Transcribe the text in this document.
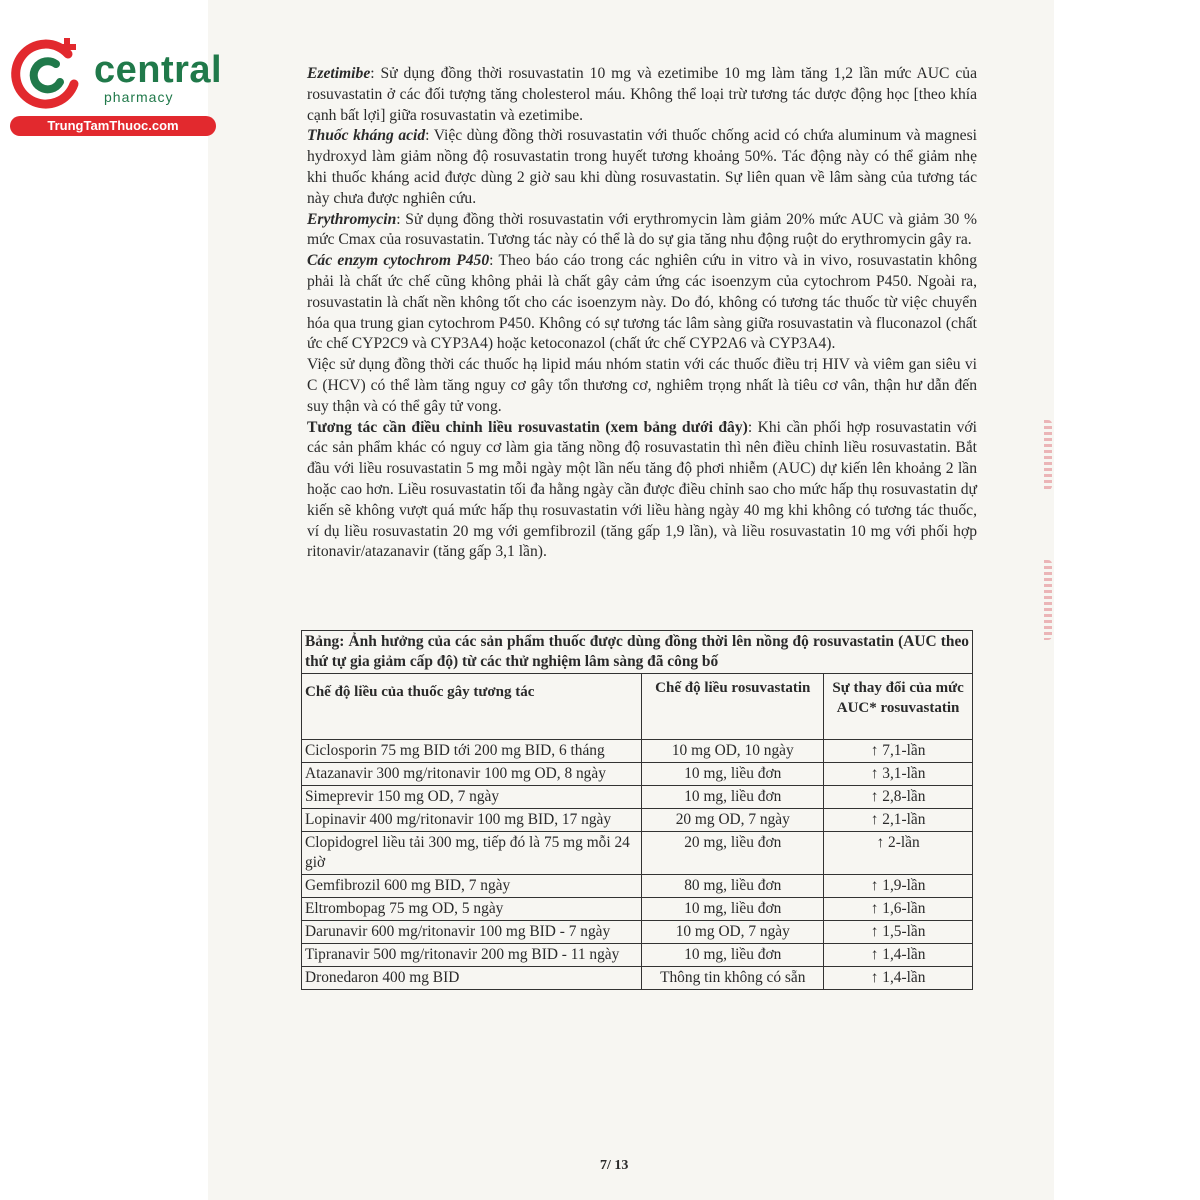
central
pharmacy
TrungTamThuoc.com

Ezetimibe: Sử dụng đồng thời rosuvastatin 10 mg và ezetimibe 10 mg làm tăng 1,2 lần mức AUC của rosuvastatin ở các đối tượng tăng cholesterol máu. Không thể loại trừ tương tác dược động học [theo khía cạnh bất lợi] giữa rosuvastatin và ezetimibe.

Thuốc kháng acid: Việc dùng đồng thời rosuvastatin với thuốc chống acid có chứa aluminum và magnesi hydroxyd làm giảm nồng độ rosuvastatin trong huyết tương khoảng 50%. Tác động này có thể giảm nhẹ khi thuốc kháng acid được dùng 2 giờ sau khi dùng rosuvastatin. Sự liên quan về lâm sàng của tương tác này chưa được nghiên cứu.

Erythromycin: Sử dụng đồng thời rosuvastatin với erythromycin làm giảm 20% mức AUC và giảm 30 % mức Cmax của rosuvastatin. Tương tác này có thể là do sự gia tăng nhu động ruột do erythromycin gây ra.

Các enzym cytochrom P450: Theo báo cáo trong các nghiên cứu in vitro và in vivo, rosuvastatin không phải là chất ức chế cũng không phải là chất gây cảm ứng các isoenzym của cytochrom P450. Ngoài ra, rosuvastatin là chất nền không tốt cho các isoenzym này. Do đó, không có tương tác thuốc từ việc chuyển hóa qua trung gian cytochrom P450. Không có sự tương tác lâm sàng giữa rosuvastatin và fluconazol (chất ức chế CYP2C9 và CYP3A4) hoặc ketoconazol (chất ức chế CYP2A6 và CYP3A4).

Việc sử dụng đồng thời các thuốc hạ lipid máu nhóm statin với các thuốc điều trị HIV và viêm gan siêu vi C (HCV) có thể làm tăng nguy cơ gây tổn thương cơ, nghiêm trọng nhất là tiêu cơ vân, thận hư dẫn đến suy thận và có thể gây tử vong.

Tương tác cần điều chỉnh liều rosuvastatin (xem bảng dưới đây): Khi cần phối hợp rosuvastatin với các sản phẩm khác có nguy cơ làm gia tăng nồng độ rosuvastatin thì nên điều chỉnh liều rosuvastatin. Bắt đầu với liều rosuvastatin 5 mg mỗi ngày một lần nếu tăng độ phơi nhiễm (AUC) dự kiến lên khoảng 2 lần hoặc cao hơn. Liều rosuvastatin tối đa hằng ngày cần được điều chỉnh sao cho mức hấp thụ rosuvastatin dự kiến sẽ không vượt quá mức hấp thụ rosuvastatin với liều hàng ngày 40 mg khi không có tương tác thuốc, ví dụ liều rosuvastatin 20 mg với gemfibrozil (tăng gấp 1,9 lần), và liều rosuvastatin 10 mg với phối hợp ritonavir/atazanavir (tăng gấp 3,1 lần).

Bảng: Ảnh hưởng của các sản phẩm thuốc được dùng đồng thời lên nồng độ rosuvastatin (AUC theo thứ tự gia giảm cấp độ) từ các thử nghiệm lâm sàng đã công bố		
Chế độ liều của thuốc gây tương tác	Chế độ liều rosuvastatin	Sự thay đổi của mức AUC* rosuvastatin
Ciclosporin 75 mg BID tới 200 mg BID, 6 tháng	10 mg OD, 10 ngày	↑ 7,1-lần
Atazanavir 300 mg/ritonavir 100 mg OD, 8 ngày	10 mg, liều đơn	↑ 3,1-lần
Simeprevir 150 mg OD, 7 ngày	10 mg, liều đơn	↑ 2,8-lần
Lopinavir 400 mg/ritonavir 100 mg BID, 17 ngày	20 mg OD, 7 ngày	↑ 2,1-lần
Clopidogrel liều tải 300 mg, tiếp đó là 75 mg mỗi 24 giờ	20 mg, liều đơn	↑ 2-lần
Gemfibrozil 600 mg BID, 7 ngày	80 mg, liều đơn	↑ 1,9-lần
Eltrombopag 75 mg OD, 5 ngày	10 mg, liều đơn	↑ 1,6-lần
Darunavir 600 mg/ritonavir 100 mg BID - 7 ngày	10 mg OD, 7 ngày	↑ 1,5-lần
Tipranavir 500 mg/ritonavir 200 mg BID - 11 ngày	10 mg, liều đơn	↑ 1,4-lần
Dronedaron 400 mg BID	Thông tin không có sẵn	↑ 1,4-lần
7/ 13
